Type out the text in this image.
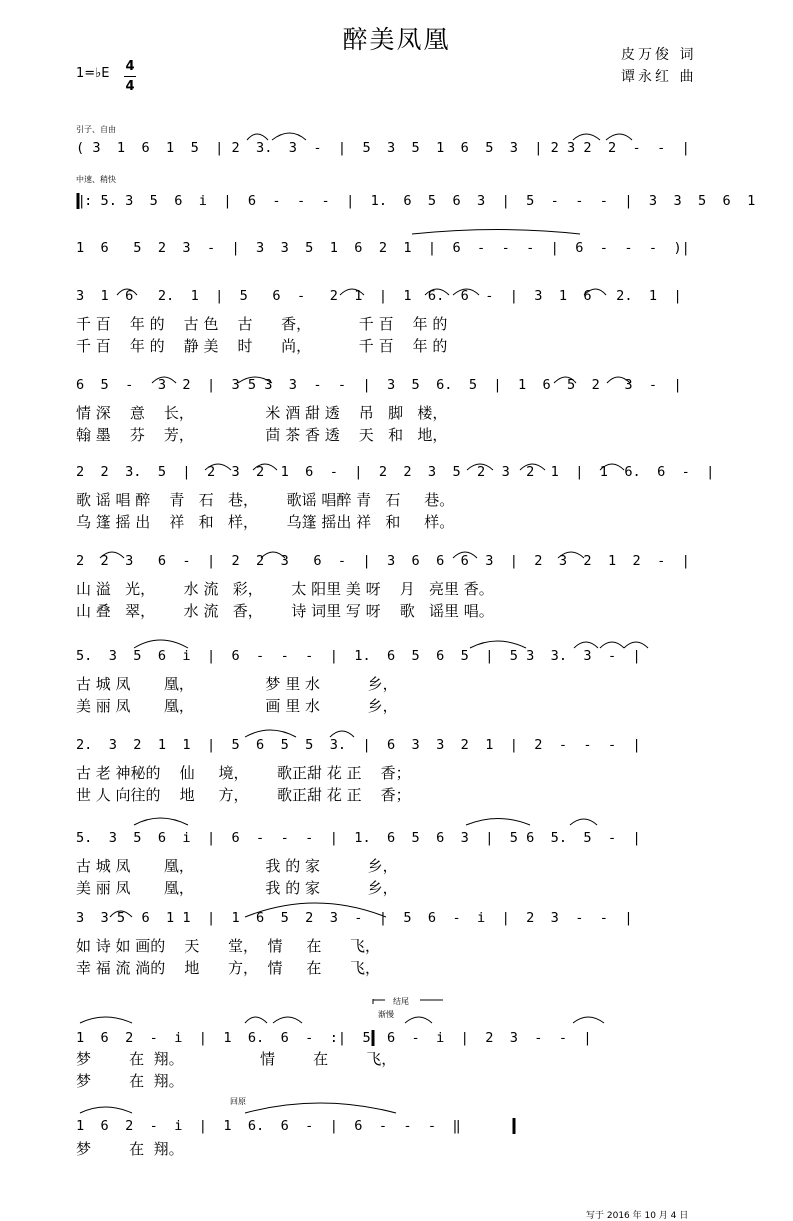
醉美凤凰
皮万俊 词
谭永红 曲
1=♭E 4
4
引子、自由
中速、稍快
结尾
渐慢
回原
写于 2016 年 10 月 4 日
( 3  1  6  1  5  | 2  3.  3  -  |  5  3  5  1  6  5  3  | 2 3 2  2  -  -  |
‖: 5. 3  5  6  i  |  6  -  -  -  |  1.  6  5  6  3  |  5  -  -  -  |  3  3  5  6  1
1  6   5  2  3  -  |  3  3  5  1  6  2  1  |  6  -  -  -  |  6  -  -  -  )|
3  1  6   2.  1  |  5   6  -   2  1  |  1  6.  6  -  |  3  1  6   2.  1  |
千 百    年 的    古 色    古      香，          千 百    年 的
千 百    年 的    静 美    时      尚，          千 百    年 的
6  5  -   3  2  |  3 5 3  3  -  -  |  3  5  6.  5  |  1  6  5  2   3  -  |
情 深    意    长，               米 酒 甜 透    吊   脚   楼，
翰 墨    芬    芳，               茴 茶 香 透    天   和   地，
2  2  3.  5  |  2  3  2  1  6  -  |  2  2  3  5  2  3  2  1  |  1  6.  6  -  |
歌 谣 唱 醉    青   石   巷，      歌谣 唱醉 青   石     巷。
乌 篷 摇 出    祥   和   样，      乌篷 摇出 祥   和     样。
2  2  3   6  -  |  2  2  3   6  -  |  3  6  6  6  3  |  2  3  2  1  2  -  |
山 溢   光，      水 流   彩，      太 阳里 美 呀    月   亮里 香。
山 叠   翠，      水 流   香，      诗 词里 写 呀    歌   谣里 唱。
5.  3  5  6  i  |  6  -  -  -  |  1.  6  5  6  5  |  5 3  3.  3  -  |
古 城 凤       凰，               梦 里 水          乡，
美 丽 凤       凰，               画 里 水          乡，
2.  3  2  1  1  |  5  6  5  5  3.  |  6  3  3  2  1  |  2  -  -  -  |
古 老 神秘的    仙     境，      歌正甜 花 正    香；
世 人 向往的    地     方，      歌正甜 花 正    香；
5.  3  5  6  i  |  6  -  -  -  |  1.  6  5  6  3  |  5 6  5.  5  -  |
古 城 凤       凰，               我 的 家          乡，
美 丽 凤       凰，               我 的 家          乡，
3  3 5  6  1 1  |  1  6  5  2  3  -  |  5  6  -  i  |  2  3  -  -  |
如 诗 如 画的    天      堂，  情     在      飞，
幸 福 流 淌的    地      方，  情     在      飞，
1  6  2  -  i  |  1  6.  6  -  :|  5  6  -  i  |  2  3  -  -  |
梦        在  翔。                情        在        飞，
梦        在  翔。
1  6  2  -  i  |  1  6.  6  -  |  6  -  -  -  ‖
梦        在  翔。
